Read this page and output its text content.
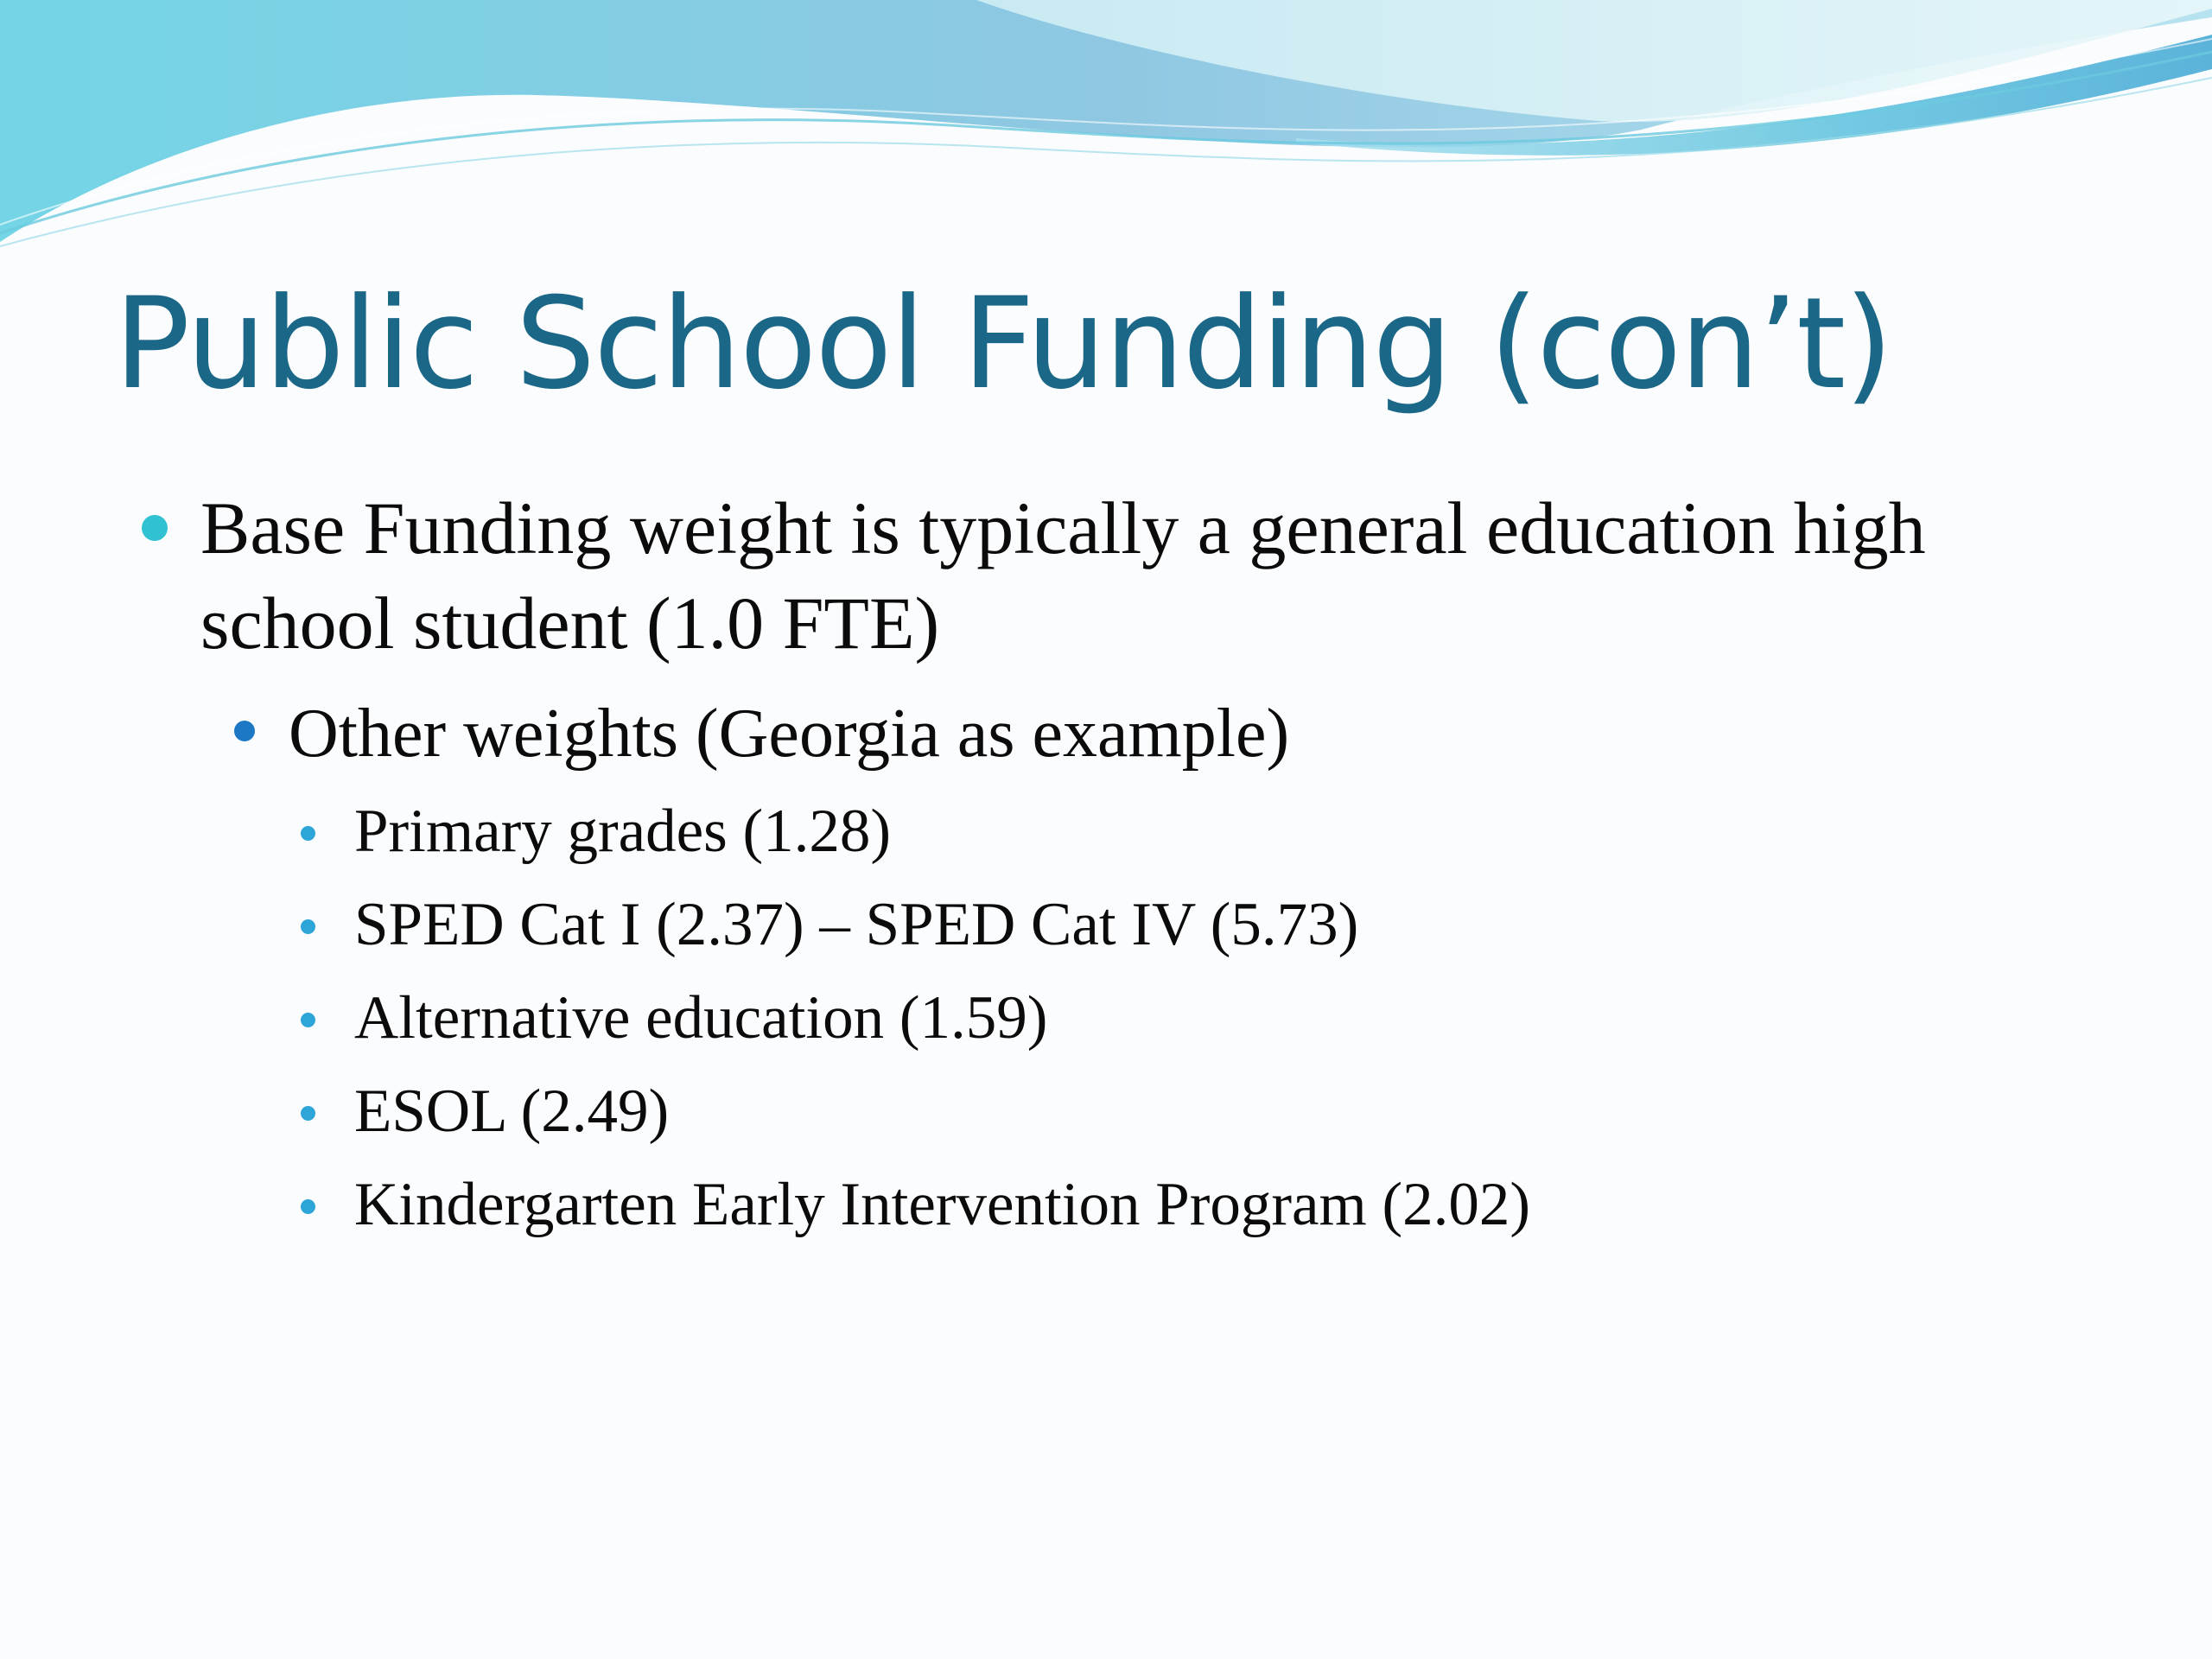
Public School Funding (con’t)

Base Funding weight is typically a general education high school student (1.0 FTE)

Other weights (Georgia as example)

Primary grades (1.28)

SPED Cat I (2.37) – SPED Cat IV (5.73)

Alternative education (1.59)

ESOL (2.49)

Kindergarten Early Intervention Program (2.02)
